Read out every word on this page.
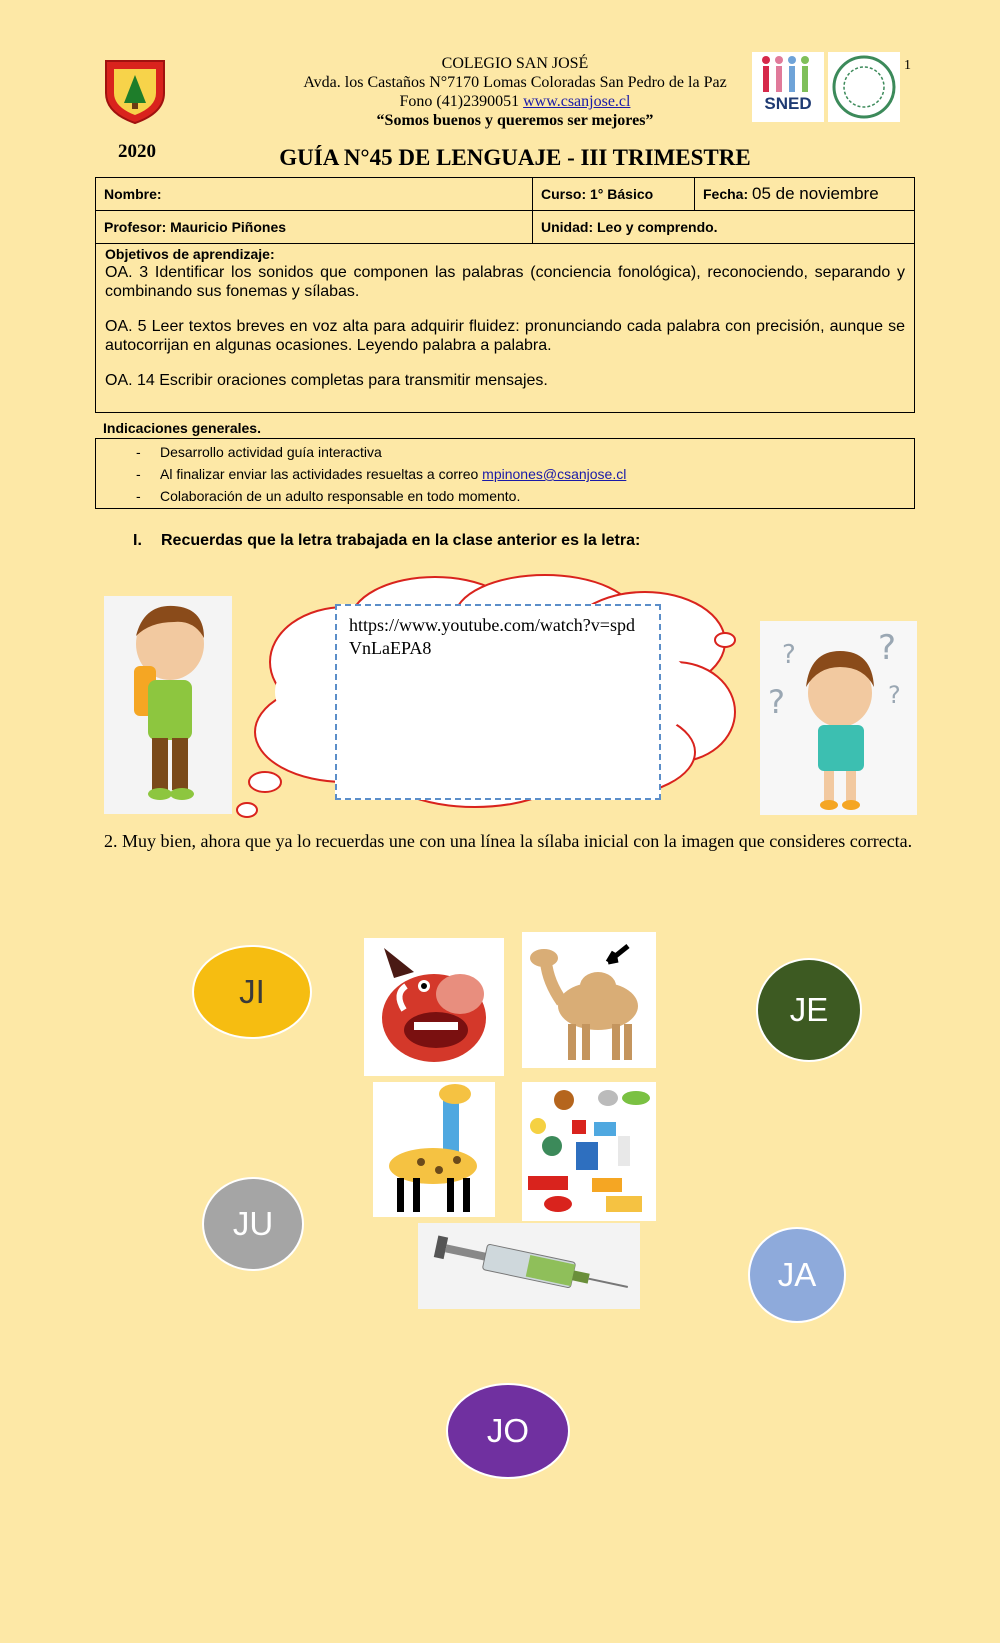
COLEGIO SAN JOSÉ
Avda. los Castaños N°7170 Lomas Coloradas San Pedro de la Paz
Fono (41)2390051 www.csanjose.cl
“Somos buenos y queremos ser mejores”
SNED
1
2020	GUÍA N°45 DE LENGUAJE - III TRIMESTRE
Nombre:	Curso: 1° Básico	Fecha: 05 de noviembre
Profesor: Mauricio Piñones	Unidad: Leo y comprendo.	
Objetivos de aprendizaje:

OA. 3 Identificar los sonidos que componen las palabras (conciencia fonológica), reconociendo, separando y combinando sus fonemas y sílabas.

OA. 5 Leer textos breves en voz alta para adquirir fluidez: pronunciando cada palabra con precisión, aunque se autocorrijan en algunas ocasiones. Leyendo palabra a palabra.

OA. 14 Escribir oraciones completas para transmitir mensajes.

Indicaciones generales.
- Desarrollo actividad guía interactiva
- Al finalizar enviar las actividades resueltas a correo mpinones@csanjose.cl
- Colaboración de un adulto responsable en todo momento.
I. Recuerdas que la letra trabajada en la clase anterior es la letra:
https://www.youtube.com/watch?v=spdVnLaEPA8	? ?
?	?
2. Muy bien, ahora que ya lo recuerdas une con una línea la sílaba inicial con la imagen que consideres correcta.
JI	JE
JU
JA
JO
